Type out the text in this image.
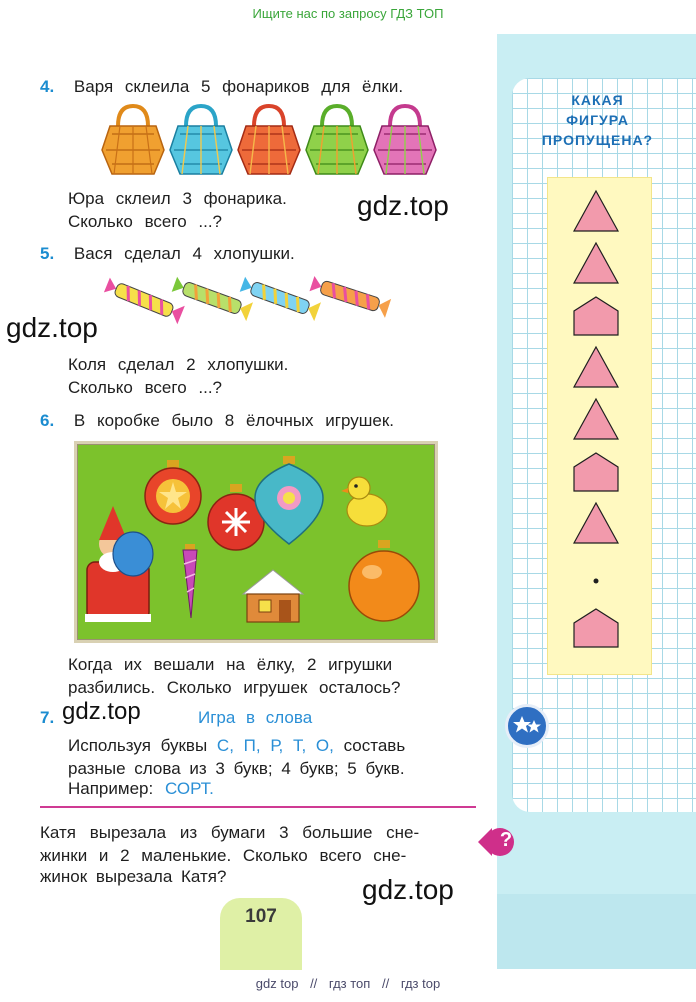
Ищите нас по запросу ГДЗ ТОП
КАКАЯ
ФИГУРА
ПРОПУЩЕНА?
4. Варя склеила 5 фонариков для ёлки.
Юра склеил 3 фонарика.
Сколько всего ...?
gdz.top
5. Вася сделал 4 хлопушки.
gdz.top
Коля сделал 2 хлопушки.
Сколько всего ...?
6. В коробке было 8 ёлочных игрушек.
Когда их вешали на ёлку, 2 игрушки
разбились. Сколько игрушек осталось?
7. gdz.top	Игра в слова
Используя буквы С, П, Р, Т, О, составь
разные слова из 3 букв; 4 букв; 5 букв.
Например: СОРТ.
Катя вырезала из бумаги 3 большие сне-
жинки и 2 маленькие. Сколько всего сне-
жинок вырезала Катя?
?
gdz.top
107
gdz top // гдз топ // гдз top
